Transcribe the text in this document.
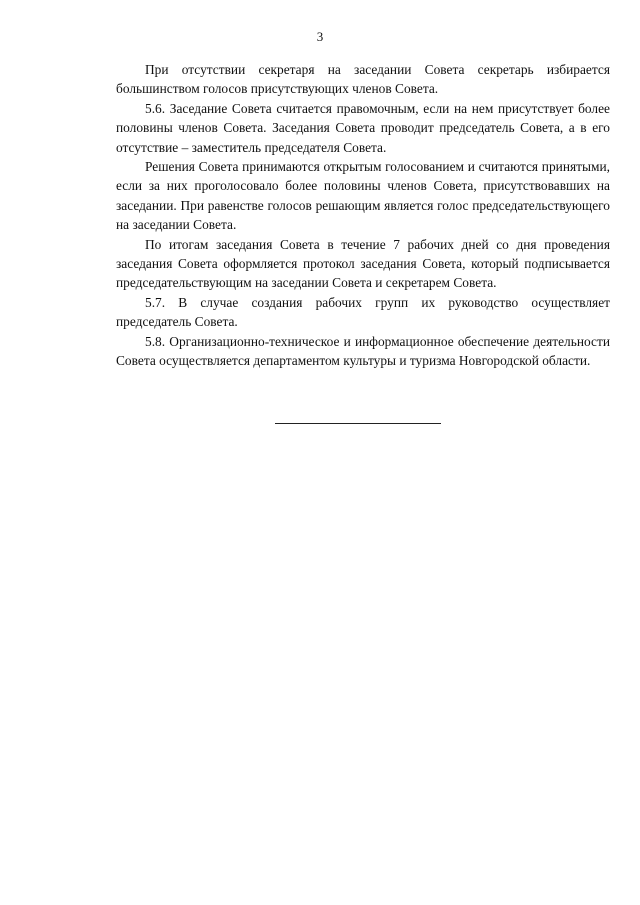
3

При отсутствии секретаря на заседании Совета секретарь избирается большинством голосов присутствующих членов Совета.

5.6. Заседание Совета считается правомочным, если на нем присутствует более половины членов Совета. Заседания Совета проводит председатель Совета, а в его отсутствие – заместитель председателя Совета.

Решения Совета принимаются открытым голосованием и считаются принятыми, если за них проголосовало более половины членов Совета, присутствовавших на заседании. При равенстве голосов решающим является голос председательствующего на заседании Совета.

По итогам заседания Совета в течение 7 рабочих дней со дня проведения заседания Совета оформляется протокол заседания Совета, который подписывается председательствующим на заседании Совета и секретарем Совета.

5.7. В случае создания рабочих групп их руководство осуществляет председатель Совета.

5.8. Организационно-техническое и информационное обеспечение деятельности Совета осуществляется департаментом культуры и туризма Новгородской области.
